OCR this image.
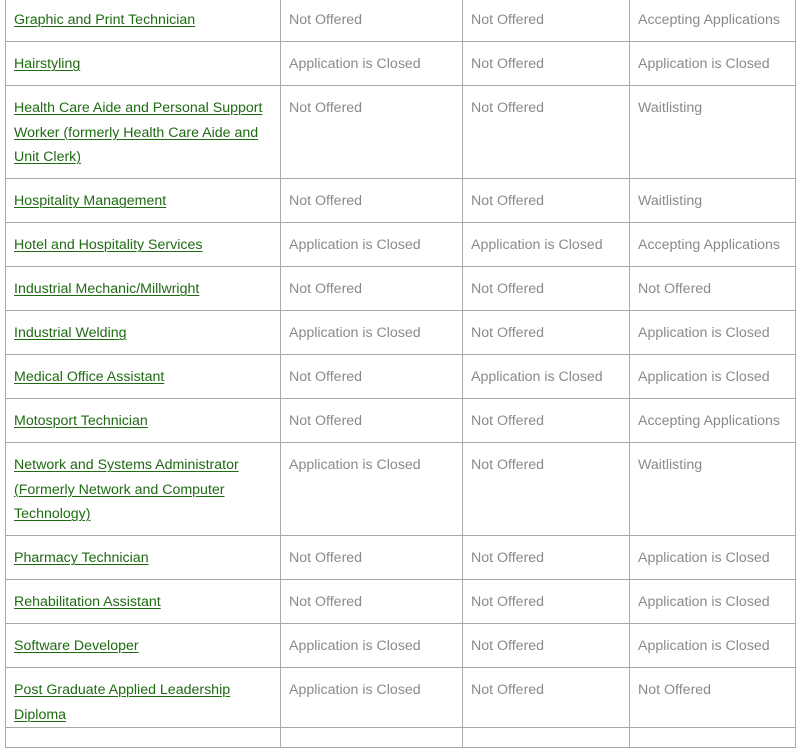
Graphic and Print Technician	Not Offered	Not Offered	Accepting Applications
Hairstyling	Application is Closed	Not Offered	Application is Closed
Health Care Aide and Personal Support Worker (formerly Health Care Aide and Unit Clerk)	Not Offered	Not Offered	Waitlisting
Hospitality Management	Not Offered	Not Offered	Waitlisting
Hotel and Hospitality Services	Application is Closed	Application is Closed	Accepting Applications
Industrial Mechanic/Millwright	Not Offered	Not Offered	Not Offered
Industrial Welding	Application is Closed	Not Offered	Application is Closed
Medical Office Assistant	Not Offered	Application is Closed	Application is Closed
Motosport Technician	Not Offered	Not Offered	Accepting Applications
Network and Systems Administrator (Formerly Network and Computer Technology)	Application is Closed	Not Offered	Waitlisting
Pharmacy Technician	Not Offered	Not Offered	Application is Closed
Rehabilitation Assistant	Not Offered	Not Offered	Application is Closed
Software Developer	Application is Closed	Not Offered	Application is Closed
Post Graduate Applied Leadership Diploma	Application is Closed	Not Offered	Not Offered
